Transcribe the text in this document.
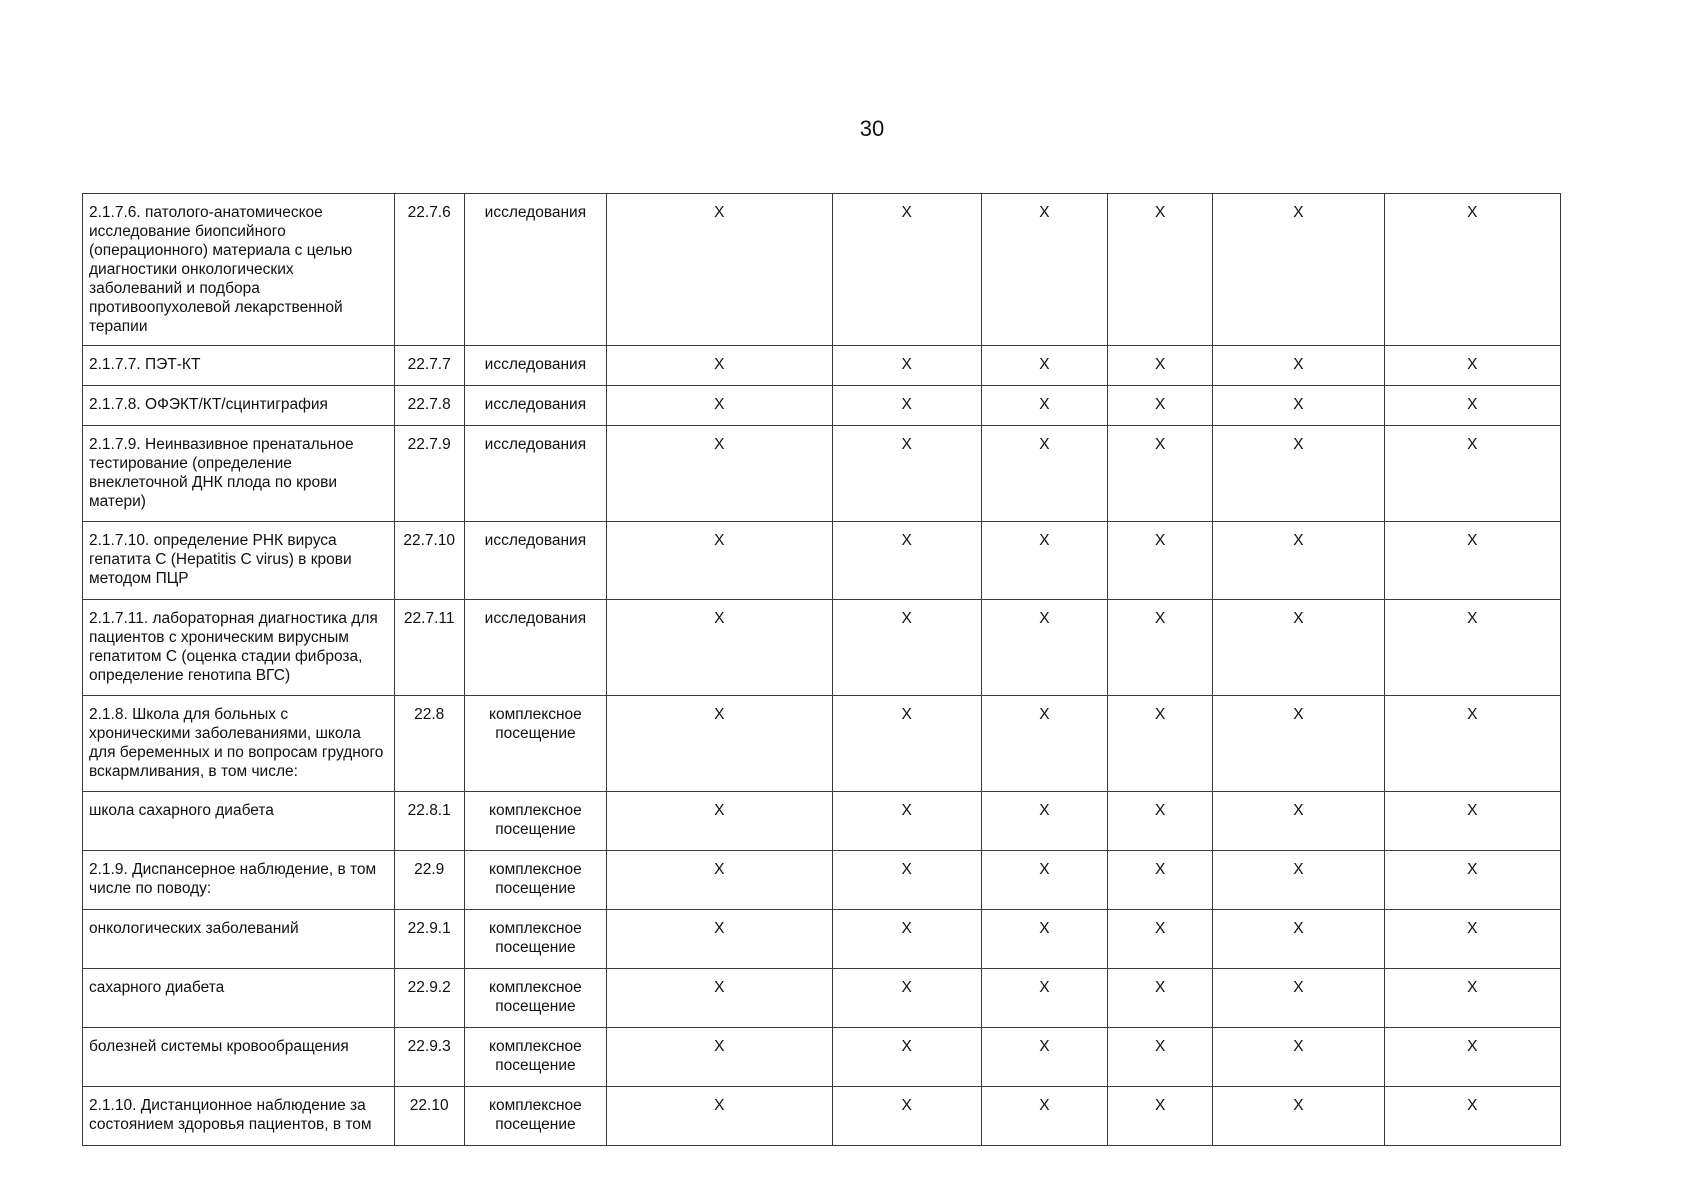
30
2.1.7.6. патолого-анатомическое исследование биопсийного (операционного) материала с целью диагностики онкологических заболеваний и подбора противоопухолевой лекарственной терапии	22.7.6	исследования	X	X	X	X	X	X
2.1.7.7. ПЭТ-КТ	22.7.7	исследования	X	X	X	X	X	X
2.1.7.8. ОФЭКТ/КТ/сцинтиграфия	22.7.8	исследования	X	X	X	X	X	X
2.1.7.9. Неинвазивное пренатальное тестирование (определение внеклеточной ДНК плода по крови матери)	22.7.9	исследования	X	X	X	X	X	X
2.1.7.10. определение РНК вируса гепатита C (Hepatitis C virus) в крови методом ПЦР	22.7.10	исследования	X	X	X	X	X	X
2.1.7.11. лабораторная диагностика для пациентов с хроническим вирусным гепатитом C (оценка стадии фиброза, определение генотипа ВГС)	22.7.11	исследования	X	X	X	X	X	X
2.1.8. Школа для больных с хроническими заболеваниями, школа для беременных и по вопросам грудного вскармливания, в том числе:	22.8	комплексное посещение	X	X	X	X	X	X
школа сахарного диабета	22.8.1	комплексное посещение	X	X	X	X	X	X
2.1.9. Диспансерное наблюдение, в том числе по поводу:	22.9	комплексное посещение	X	X	X	X	X	X
онкологических заболеваний	22.9.1	комплексное посещение	X	X	X	X	X	X
сахарного диабета	22.9.2	комплексное посещение	X	X	X	X	X	X
болезней системы кровообращения	22.9.3	комплексное посещение	X	X	X	X	X	X
2.1.10. Дистанционное наблюдение за состоянием здоровья пациентов, в том	22.10	комплексное посещение	X	X	X	X	X	X
